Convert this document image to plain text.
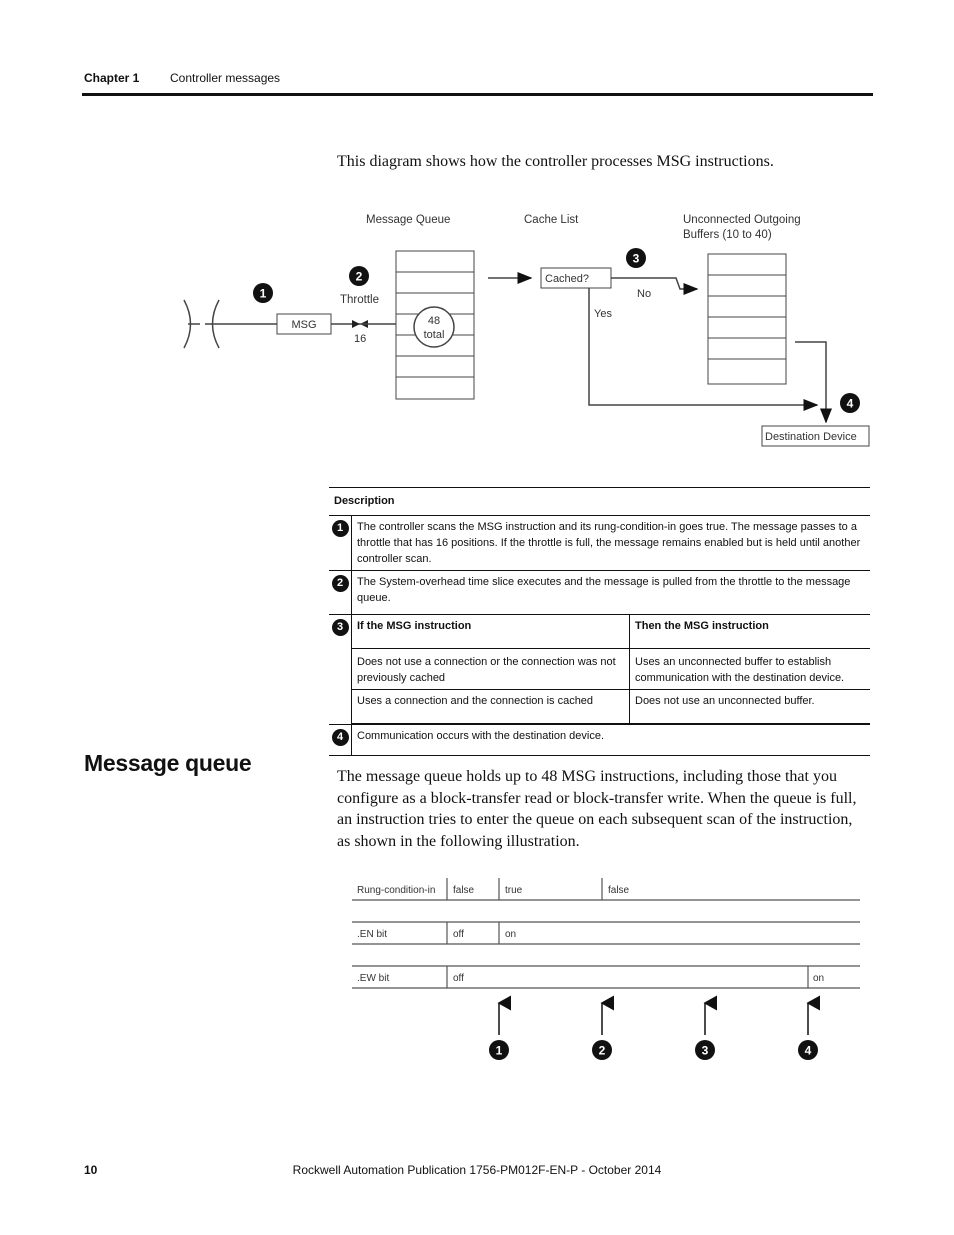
Chapter 1	Controller messages
This diagram shows how the controller processes MSG instructions.
Message Queue	Cache List	Unconnected Outgoing
Buffers (10 to 40)
Throttle
MSG
16
48
total
Cached?
No
Yes
Destination Device
1
2
3
4
Description
1	The controller scans the MSG instruction and its rung-condition-in goes true. The message passes to a throttle that has 16 positions. If the throttle is full, the message remains enabled but is held until another controller scan.
2	The System-overhead time slice executes and the message is pulled from the throttle to the message queue.
3	If the MSG instruction	Then the MSG instruction
Does not use a connection or the connection was not previously cached	Uses an unconnected buffer to establish communication with the destination device.
Uses a connection and the connection is cached	Does not use an unconnected buffer.

4	Communication occurs with the destination device.
Message queue
The message queue holds up to 48 MSG instructions, including those that you configure as a block-transfer read or block-transfer write. When the queue is full, an instruction tries to enter the queue on each subsequent scan of the instruction, as shown in the following illustration.
Rung-condition-in false	true	false
.EN bit	off	on
.EW bit	off	on
1	2	3	4
Rockwell Automation Publication 1756-PM012F-EN-P - October 2014
10
